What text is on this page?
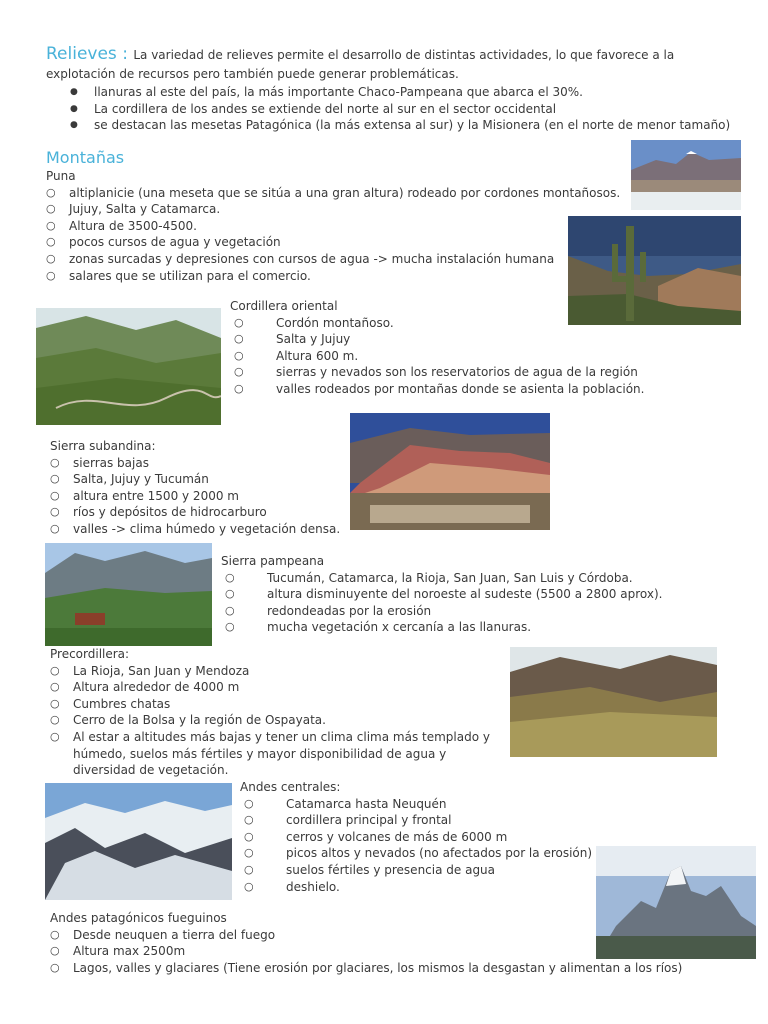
Relieves : La variedad de relieves permite el desarrollo de distintas actividades, lo que favorece a la explotación de recursos pero también puede generar problemáticas.
● llanuras al este del país, la más importante Chaco-Pampeana que abarca el 30%.
● La cordillera de los andes se extiende del norte al sur en el sector occidental
● se destacan las mesetas Patagónica (la más extensa al sur) y la Misionera (en el norte de menor tamaño)
Montañas
Puna
○ altiplanicie (una meseta que se sitúa a una gran altura) rodeado por cordones montañosos.
○ Jujuy, Salta y Catamarca.
○ Altura de 3500-4500.
○ pocos cursos de agua y vegetación
○ zonas surcadas y depresiones con cursos de agua -> mucha instalación humana
○ salares que se utilizan para el comercio.
Cordillera oriental
○ Cordón montañoso.
○ Salta y Jujuy
○ Altura 600 m.
○ sierras y nevados son los reservatorios de agua de la región
○ valles rodeados por montañas donde se asienta la población.
Sierra subandina:
○ sierras bajas
○ Salta, Jujuy y Tucumán
○ altura entre 1500 y 2000 m
○ ríos y depósitos de hidrocarburo
○ valles -> clima húmedo y vegetación densa.
Sierra pampeana
○ Tucumán, Catamarca, la Rioja, San Juan, San Luis y Córdoba.
○ altura disminuyente del noroeste al sudeste (5500 a 2800 aprox).
○ redondeadas por la erosión
○ mucha vegetación x cercanía a las llanuras.
Precordillera:
○ La Rioja, San Juan y Mendoza
○ Altura alrededor de 4000 m
○ Cumbres chatas
○ Cerro de la Bolsa y la región de Ospayata.
○ Al estar a altitudes más bajas y tener un clima clima más templado y húmedo, suelos más fértiles y mayor disponibilidad de agua y diversidad de vegetación.
Andes centrales:
○ Catamarca hasta Neuquén
○ cordillera principal y frontal
○ cerros y volcanes de más de 6000 m
○ picos altos y nevados (no afectados por la erosión)
○ suelos fértiles y presencia de agua
○ deshielo.
Andes patagónicos fueguinos
○ Desde neuquen a tierra del fuego
○ Altura max 2500m
○ Lagos, valles y glaciares (Tiene erosión por glaciares, los mismos la desgastan y alimentan a los ríos)
